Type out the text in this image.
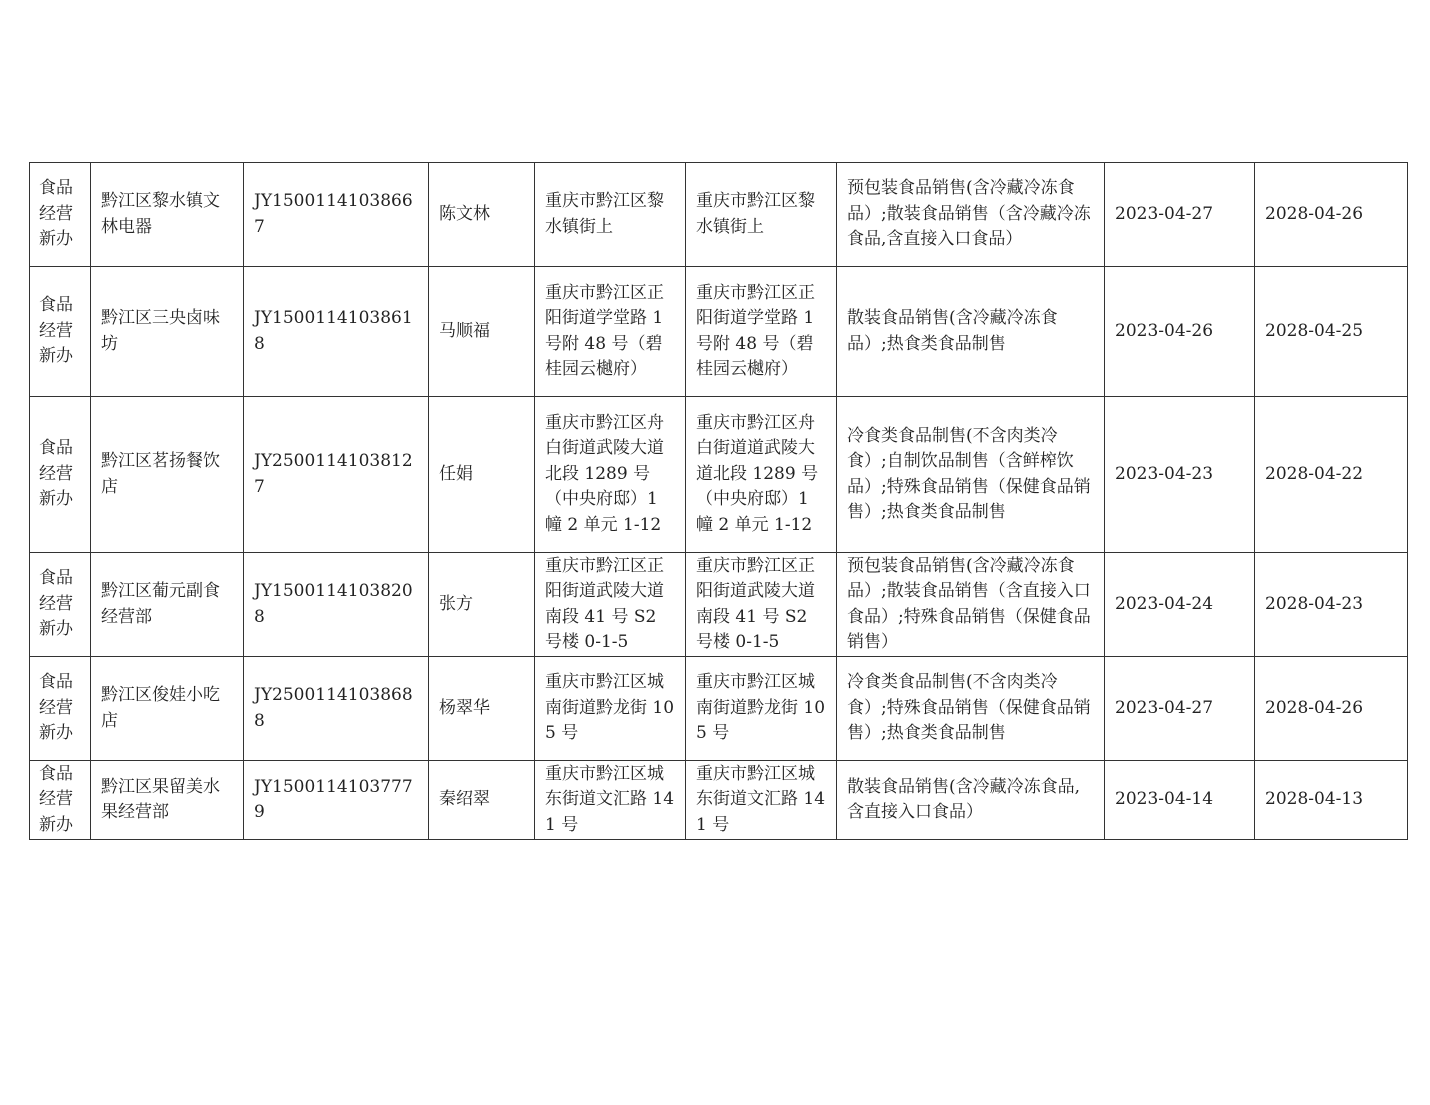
食品经营新办	黔江区黎水镇文林电器	JY15001141038667	陈文林	重庆市黔江区黎水镇街上	重庆市黔江区黎水镇街上	预包装食品销售(含冷藏冷冻食品）;散装食品销售（含冷藏冷冻食品,含直接入口食品）	2023-04-27	2028-04-26

食品经营新办	黔江区三央卤味坊	JY15001141038618	马顺福	重庆市黔江区正阳街道学堂路 1 号附 48 号（碧桂园云樾府）	重庆市黔江区正阳街道学堂路 1 号附 48 号（碧桂园云樾府）	散装食品销售(含冷藏冷冻食品）;热食类食品制售	2023-04-26	2028-04-25

食品经营新办	黔江区茗扬餐饮店	JY25001141038127	任娟	重庆市黔江区舟白街道武陵大道北段 1289 号（中央府邸）1 幢 2 单元 1-12	重庆市黔江区舟白街道道武陵大道北段 1289 号（中央府邸）1 幢 2 单元 1-12	冷食类食品制售(不含肉类冷食）;自制饮品制售（含鲜榨饮品）;特殊食品销售（保健食品销售）;热食类食品制售	2023-04-23	2028-04-22

食品经营新办	黔江区葡元副食经营部	JY15001141038208	张方	重庆市黔江区正阳街道武陵大道南段 41 号 S2 号楼 0-1-5	重庆市黔江区正阳街道武陵大道南段 41 号 S2 号楼 0-1-5	预包装食品销售(含冷藏冷冻食品）;散装食品销售（含直接入口食品）;特殊食品销售（保健食品销售）	2023-04-24	2028-04-23

食品经营新办	黔江区俊娃小吃店	JY25001141038688	杨翠华	重庆市黔江区城南街道黔龙街 105 号	重庆市黔江区城南街道黔龙街 105 号	冷食类食品制售(不含肉类冷食）;特殊食品销售（保健食品销售）;热食类食品制售	2023-04-27	2028-04-26

食品经营新办	黔江区果留美水果经营部	JY15001141037779	秦绍翠	重庆市黔江区城东街道文汇路 141 号	重庆市黔江区城东街道文汇路 141 号	散装食品销售(含冷藏冷冻食品,含直接入口食品）	2023-04-14	2028-04-13
